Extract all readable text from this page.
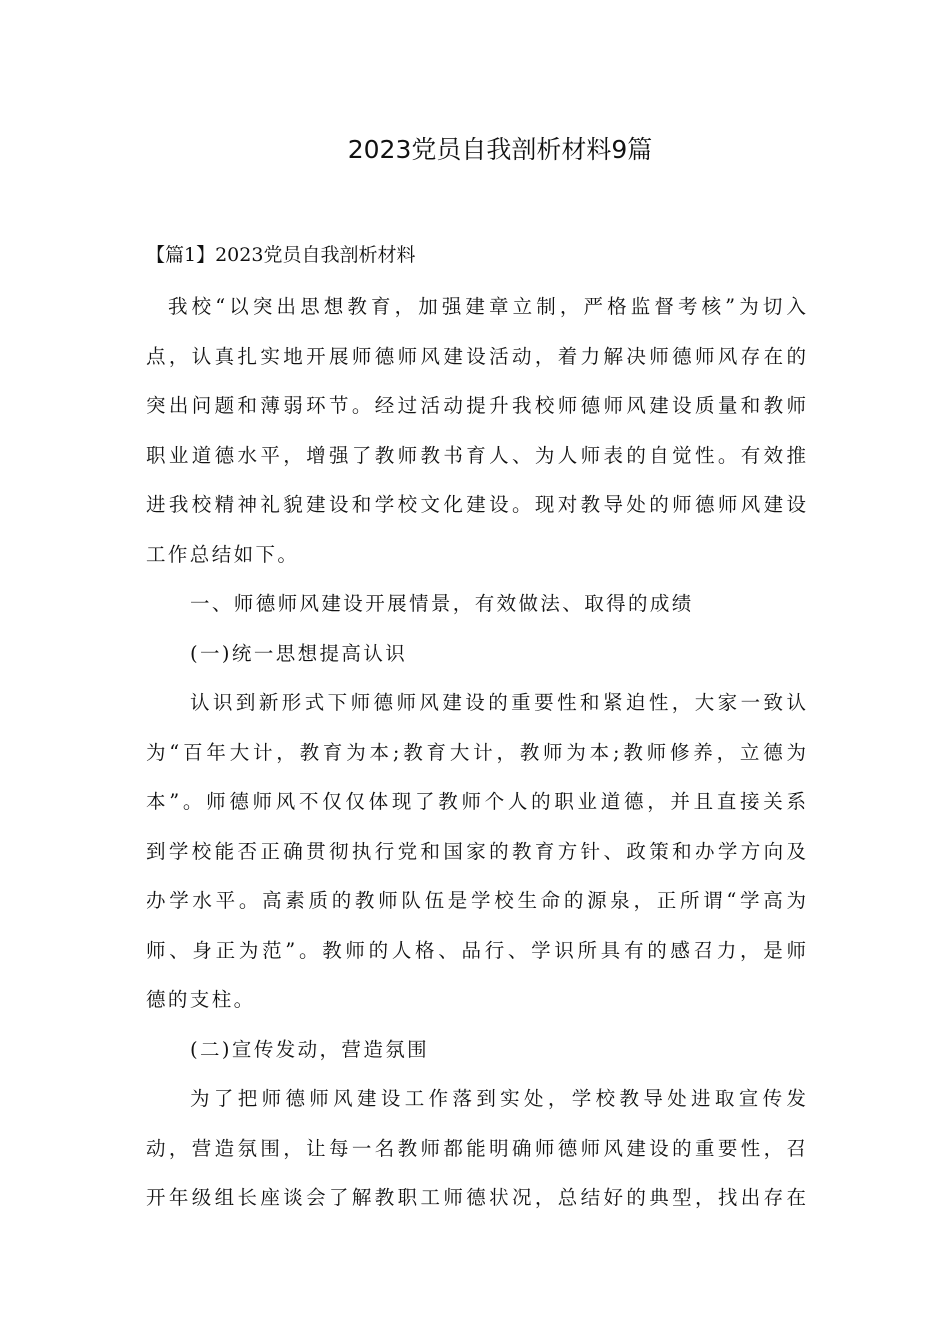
2023党员自我剖析材料9篇
【篇1】2023党员自我剖析材料
我校“以突出思想教育，加强建章立制，严格监督考核”为切入
点，认真扎实地开展师德师风建设活动，着力解决师德师风存在的
突出问题和薄弱环节。经过活动提升我校师德师风建设质量和教师
职业道德水平，增强了教师教书育人、为人师表的自觉性。有效推
进我校精神礼貌建设和学校文化建设。现对教导处的师德师风建设
工作总结如下。
一、师德师风建设开展情景，有效做法、取得的成绩
(一)统一思想提高认识
认识到新形式下师德师风建设的重要性和紧迫性，大家一致认
为“百年大计，教育为本;教育大计，教师为本;教师修养，立德为
本”。师德师风不仅仅体现了教师个人的职业道德，并且直接关系
到学校能否正确贯彻执行党和国家的教育方针、政策和办学方向及
办学水平。高素质的教师队伍是学校生命的源泉，正所谓“学高为
师、身正为范”。教师的人格、品行、学识所具有的感召力，是师
德的支柱。
(二)宣传发动，营造氛围
为了把师德师风建设工作落到实处，学校教导处进取宣传发
动，营造氛围，让每一名教师都能明确师德师风建设的重要性，召
开年级组长座谈会了解教职工师德状况，总结好的典型，找出存在
